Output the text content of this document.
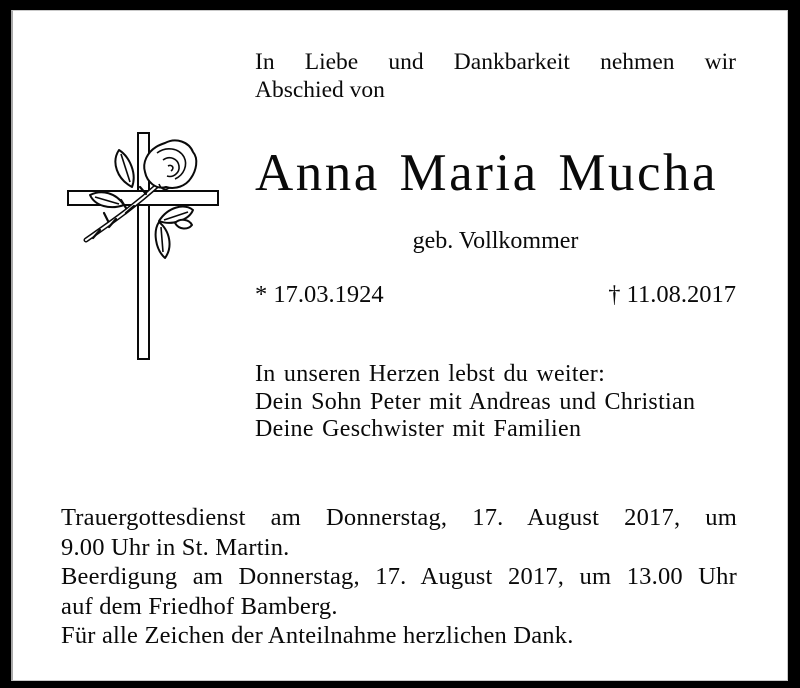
In Liebe und Dankbarkeit nehmen wir
Abschied von
Anna Maria Mucha
geb. Vollkommer
* 17.03.1924	† 11.08.2017
In unseren Herzen lebst du weiter:
Dein Sohn Peter mit Andreas und Christian
Deine Geschwister mit Familien
Trauergottesdienst am Donnerstag, 17. August 2017, um
9.00 Uhr in St. Martin.
Beerdigung am Donnerstag, 17. August 2017, um 13.00 Uhr
auf dem Friedhof Bamberg.
Für alle Zeichen der Anteilnahme herzlichen Dank.
